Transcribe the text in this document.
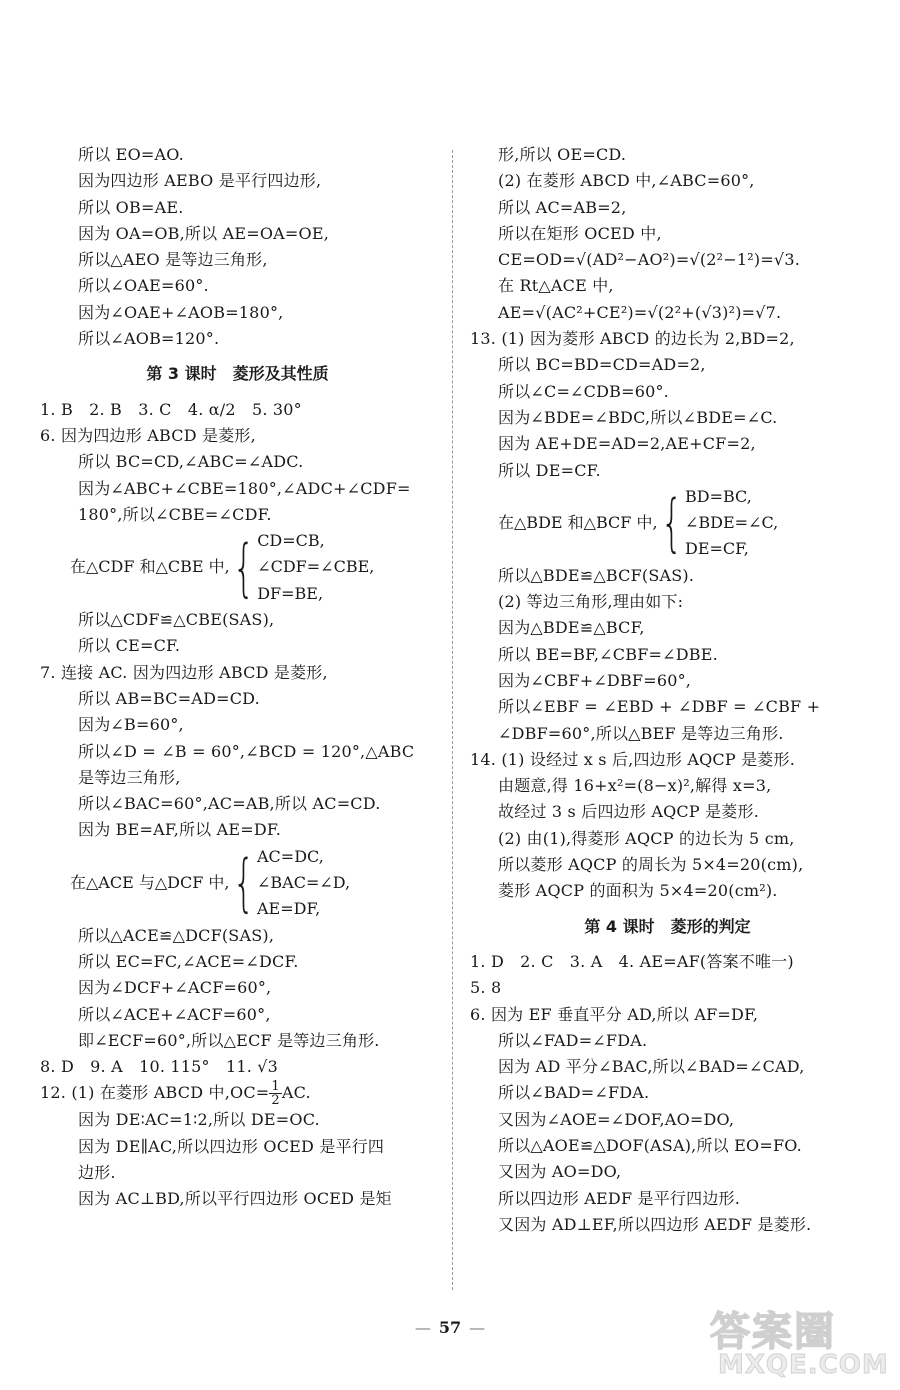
所以 EO=AO.
因为四边形 AEBO 是平行四边形,
所以 OB=AE.
因为 OA=OB,所以 AE=OA=OE,
所以△AEO 是等边三角形,
所以∠OAE=60°.
因为∠OAE+∠AOB=180°,
所以∠AOB=120°.
第 3 课时　菱形及其性质
1. B　2. B　3. C　4. α/2　5. 30°
6. 因为四边形 ABCD 是菱形,
所以 BC=CD,∠ABC=∠ADC.
因为∠ABC+∠CBE=180°,∠ADC+∠CDF=
180°,所以∠CBE=∠CDF.
在△CDF 和△CBE 中, { CD=CB,
∠CDF=∠CBE,
DF=BE,
所以△CDF≌△CBE(SAS),
所以 CE=CF.
7. 连接 AC. 因为四边形 ABCD 是菱形,
所以 AB=BC=AD=CD.
因为∠B=60°,
所以∠D = ∠B = 60°,∠BCD = 120°,△ABC
是等边三角形,
所以∠BAC=60°,AC=AB,所以 AC=CD.
因为 BE=AF,所以 AE=DF.
在△ACE 与△DCF 中, { AC=DC,
∠BAC=∠D,
AE=DF,
所以△ACE≌△DCF(SAS),
所以 EC=FC,∠ACE=∠DCF.
因为∠DCF+∠ACF=60°,
所以∠ACE+∠ACF=60°,
即∠ECF=60°,所以△ECF 是等边三角形.
8. D　9. A　10. 115°　11. √3
12. (1) 在菱形 ABCD 中$,OC= \frac{1}{2}$ AC.
因为 DE∶AC=1∶2,所以 DE=OC.
因为 DE∥AC,所以四边形 OCED 是平行四
边形.
因为 AC⊥BD,所以平行四边形 OCED 是矩
形,所以 OE=CD.
(2) 在菱形 ABCD 中,∠ABC=60°,
所以 AC=AB=2,
所以在矩形 OCED 中,
CE=OD=√(AD²−AO²)=√(2²−1²)=√3.
在 Rt△ACE 中,
AE=√(AC²+CE²)=√(2²+(√3)²)=√7.
13. (1) 因为菱形 ABCD 的边长为 2,BD=2,
所以 BC=BD=CD=AD=2,
所以∠C=∠CDB=60°.
因为∠BDE=∠BDC,所以∠BDE=∠C.
因为 AE+DE=AD=2,AE+CF=2,
所以 DE=CF.
在△BDE 和△BCF 中, { BD=BC,
∠BDE=∠C,
DE=CF,
所以△BDE≌△BCF(SAS).
(2) 等边三角形,理由如下:
因为△BDE≌△BCF,
所以 BE=BF,∠CBF=∠DBE.
因为∠CBF+∠DBF=60°,
所以∠EBF = ∠EBD + ∠DBF = ∠CBF +
∠DBF=60°,所以△BEF 是等边三角形.
14. (1) 设经过 x s 后,四边形 AQCP 是菱形.
由题意,得 16+x²=(8−x)²,解得 x=3,
故经过 3 s 后四边形 AQCP 是菱形.
(2) 由(1),得菱形 AQCP 的边长为 5 cm,
所以菱形 AQCP 的周长为 5×4=20(cm),
菱形 AQCP 的面积为 5×4=20(cm²).
第 4 课时　菱形的判定
1. D　2. C　3. A　4. AE=AF(答案不唯一)
5. 8
6. 因为 EF 垂直平分 AD,所以 AF=DF,
所以∠FAD=∠FDA.
因为 AD 平分∠BAC,所以∠BAD=∠CAD,
所以∠BAD=∠FDA.
又因为∠AOE=∠DOF,AO=DO,
所以△AOE≌△DOF(ASA),所以 EO=FO.
又因为 AO=DO,
所以四边形 AEDF 是平行四边形.
又因为 AD⊥EF,所以四边形 AEDF 是菱形.
— 57 —	答案圈
MXQE.COM
